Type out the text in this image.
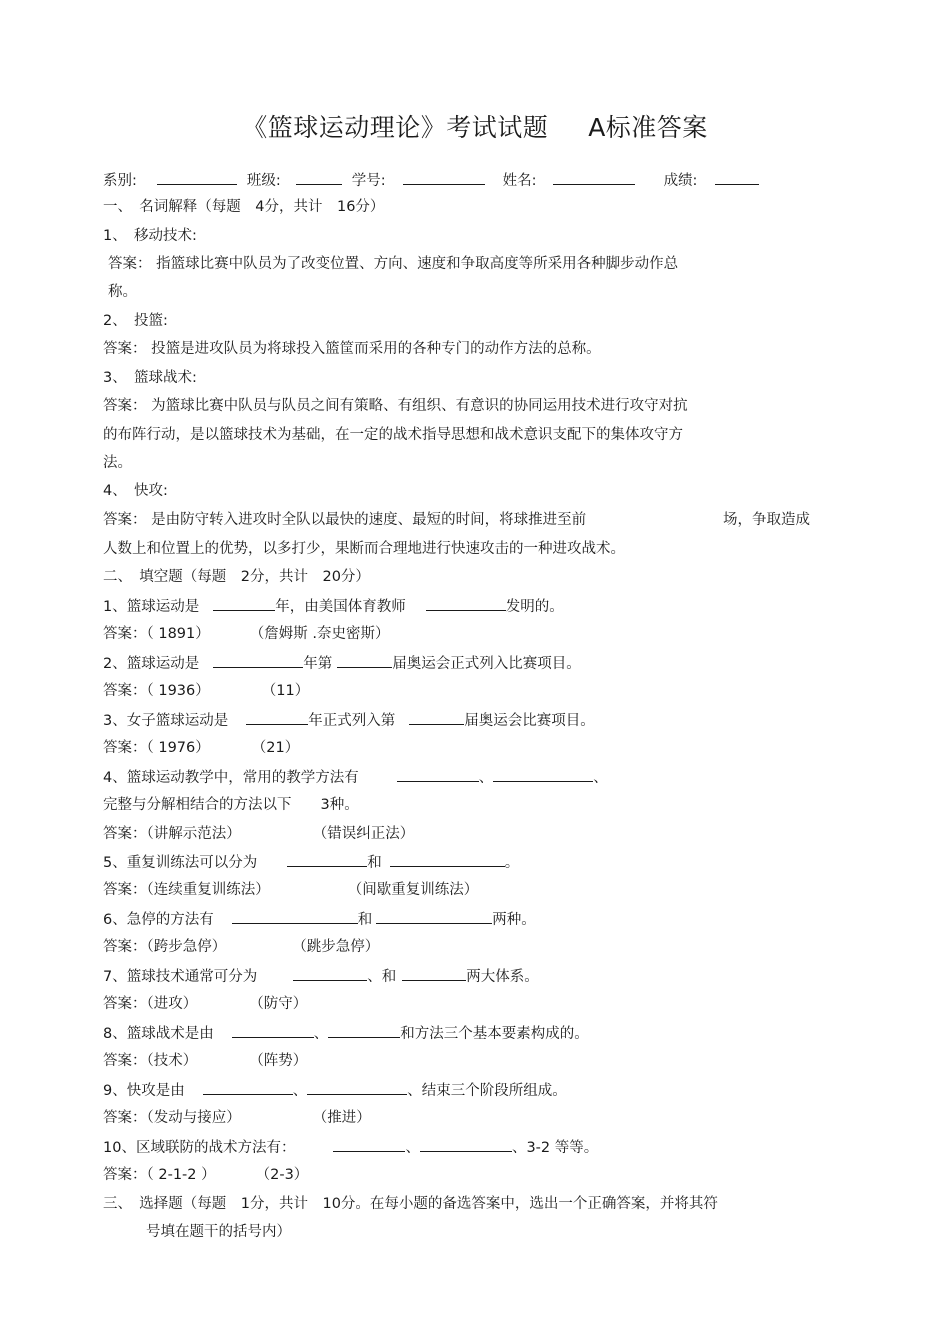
《篮球运动理论》考试试题 A标准答案
系别:	班级:	学号:	姓名:	成绩:
一、　名词解释（每题　4分，共计　16分）
1、　移动技术:
答案： 指篮球比赛中队员为了改变位置、方向、速度和争取高度等所采用各种脚步动作总
称。
2、　投篮:
答案： 投篮是进攻队员为将球投入篮筐而采用的各种专门的动作方法的总称。
3、　篮球战术:
答案： 为篮球比赛中队员与队员之间有策略、有组织、有意识的协同运用技术进行攻守对抗
的布阵行动，是以篮球技术为基础，在一定的战术指导思想和战术意识支配下的集体攻守方
法。
4、　快攻:
答案： 是由防守转入进攻时全队以最快的速度、最短的时间，将球推进至前	场，争取造成
人数上和位置上的优势，以多打少，果断而合理地进行快速攻击的一种进攻战术。
二、　填空题（每题　2分，共计　20分）
1、篮球运动是	年，由美国体育教师	发明的。
答案：（ 1891）	（詹姆斯 .奈史密斯）
2、篮球运动是	年第	届奥运会正式列入比赛项目。
答案：（ 1936）	（11）
3、女子篮球运动是	年正式列入第	届奥运会比赛项目。
答案：（ 1976）	（21）
4、篮球运动教学中，常用的教学方法有	、	、
完整与分解相结合的方法以下　　3种。
答案：（讲解示范法）	（错误纠正法）
5、重复训练法可以分为	和	。
答案：（连续重复训练法）	（间歇重复训练法）
6、急停的方法有	和	两种。
答案：（跨步急停）	（跳步急停）
7、篮球技术通常可分为	、和	两大体系。
答案：（进攻）	（防守）
8、篮球战术是由	、	和方法三个基本要素构成的。
答案：（技术）	（阵势）
9、快攻是由	、	、结束三个阶段所组成。
答案：（发动与接应）	（推进）
10、区域联防的战术方法有：	、	、3-2 等等。
答案：（ 2-1-2 ）	（2-3）
三、　选择题（每题　1分，共计　10分。在每小题的备选答案中，选出一个正确答案，并将其符
号填在题干的括号内）
